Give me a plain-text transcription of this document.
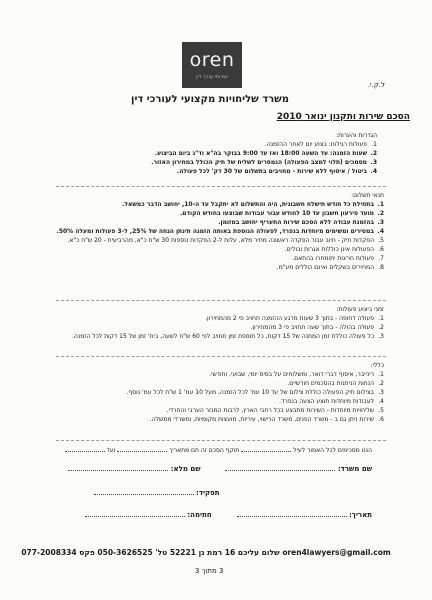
oren
שירותי עורך דין
ל.ק.י.
משרד שליחויות מקצועי לעורכי דין
הסכם שירות ותקנון ינואר 2010
הגדרות והערות:
1.
פעולות רגילות: בצוע יום לאחר ההזמנה.
2.
שעות הזמנה: עד השעה 18:00 ואז עד 9:00 בבוקר בה"א וד"ג ביום הביצוע.
3.
מסמכים (תלוי למצב הפעולה) הנמסרים לשליח של תיק הכולל במחירון האזור.
4.
ביטול / איסוף ללא שירות - מחויבים בתשלום של 30 דק' לכל פעולה.
תנאי תשלום:
1.
בתחילת כל חודש תישלח חשבונית, היה והתשלום לא יתקבל עד ה-10, יחושב הדבר כמשאל.
2.
מועד פירעון חשבון עד 10 לחודש עבור עבודות שבוצעו בחודש הקודם.
3.
בהזמנת עבודה ללא הסכם שירות התעריף יחושב במזומן.
4.
במסירים ומשימים מיוחדות בנפרד, לפעולה הנוספת באותה הזמנה תינתן הנחה של 25%, ל-3 פעולות ומעלה 50%.
5.
הפקדות תיק - חיוב עבור הפקדה ראשונה מחיר מלא, עלות ל-2 הפקדות נוספות 30 ש"ח כ"א, מהרביעית - 20 ש"ח כ"א.
6.
הפעולות אינן כוללות אגרות ובולים.
7.
פעולות חריגות יתומחרו בהתאם.
8.
המחירים בשקלים ואינם כוללים מע"מ.
זמני ביצוע פעולות:
1.
פעולה דחופה - בתוך 3 שעות מרגע ההזמנה תחויב פי 2 מהמחירון.
2.
פעולה בהולה - בתוך שעה תחויב פי 3 מהמחירון.
3.
כל פעולה כוללת זמן המתנה של 15 דקות, כל תוספת זמן תחויב לפי 60 ש"ח לשעה, ביח' זמן של 15 דקות לכל הזמנה.
כללי:
1.
רינייבר, איסוף דברי דואר, ומשלוחים על בסיס יומי, שבועי, וחודשי.
2.
הנחות הניתנות בהסכמים חודשיים.
3.
בצילום תיק הפעולה כוללת צילום של עד 10 עמ' לכל הזמנה, מעל 10 עמ' 1 ש"ח לכל עמ' נוסף.
4.
לעבודות מיוחדות תוצע הצעה בנפרד.
5.
שליחויות מיוחדות - השירות מתבצע בכל רחבי הארץ, לרבות המגזר הערבי והחרדי.
6.
שירות ניתן גם ב - משרד הפנים, משרד הרישוי, עיריות, מועצות מקומיות, ומשרדי ממשלה.
הננו מסכימים לכל האמור לעיל  תוקף הסכם זה תם מתאריך  ועד
שם משרד:   שם מלא:
תפקיד:
תאריך:   חתימה:
שלום עליכם 16 רמת גן 52221 טל' 050-3626525 פקס 077-2008334 oren4lawyers@gmail.com
3 מתוך 3
